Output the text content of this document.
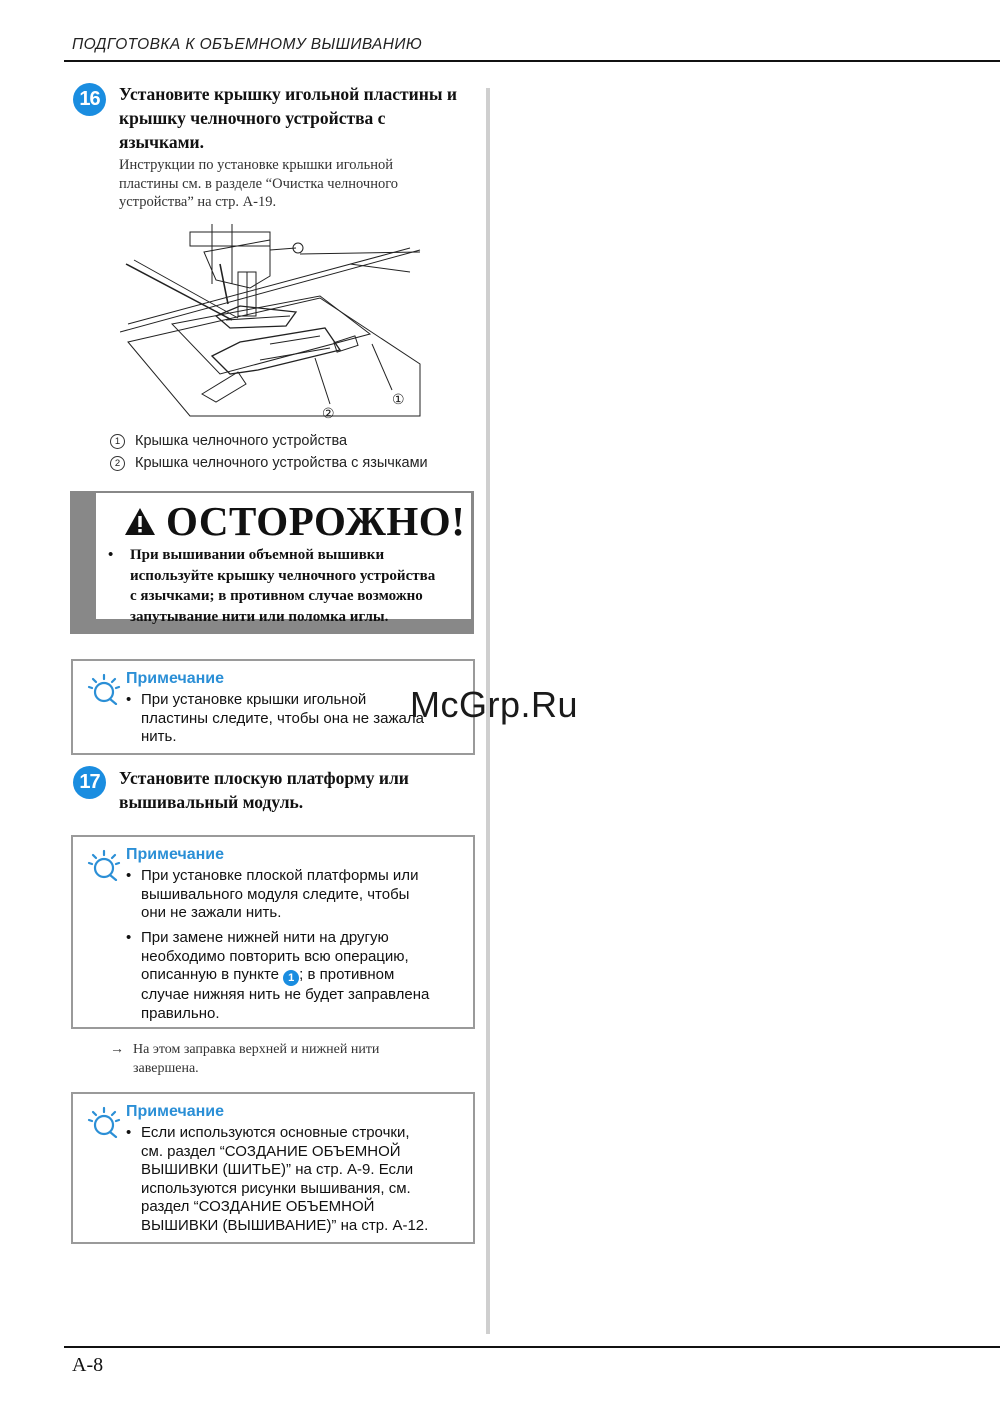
ПОДГОТОВКА К ОБЪЕМНОМУ ВЫШИВАНИЮ
16	Установите крышку игольной пластины и
крышку челночного устройства с
язычками.
Инструкции по установке крышки игольной
пластины см. в разделе “Очистка челночного
устройства” на стр. A-19.
②
①
1	Крышка челночного устройства
2	Крышка челночного устройства с язычками
ОСТОРОЖНО!
• При вышивании объемной вышивки
используйте крышку челночного устройства
с язычками; в противном случае возможно
запутывание нити или поломка иглы.
Примечание
• При установке крышки игольной
пластины следите, чтобы она не зажала
нить.
17	Установите плоскую платформу или
вышивальный модуль.
Примечание
• При установке плоской платформы или
вышивального модуля следите, чтобы
они не зажали нить.
• При замене нижней нити на другую
необходимо повторить всю операцию,
описанную в пункте 1 ; в противном
случае нижняя нить не будет заправлена
правильно.
→ На этом заправка верхней и нижней нити
завершена.
Примечание
• Если используются основные строчки,
см. раздел “СОЗДАНИЕ ОБЪЕМНОЙ
ВЫШИВКИ (ШИТЬЕ)” на стр. A-9. Если
используются рисунки вышивания, см.
раздел “СОЗДАНИЕ ОБЪЕМНОЙ
ВЫШИВКИ (ВЫШИВАНИЕ)” на стр. A-12.
McGrp.Ru
A-8
